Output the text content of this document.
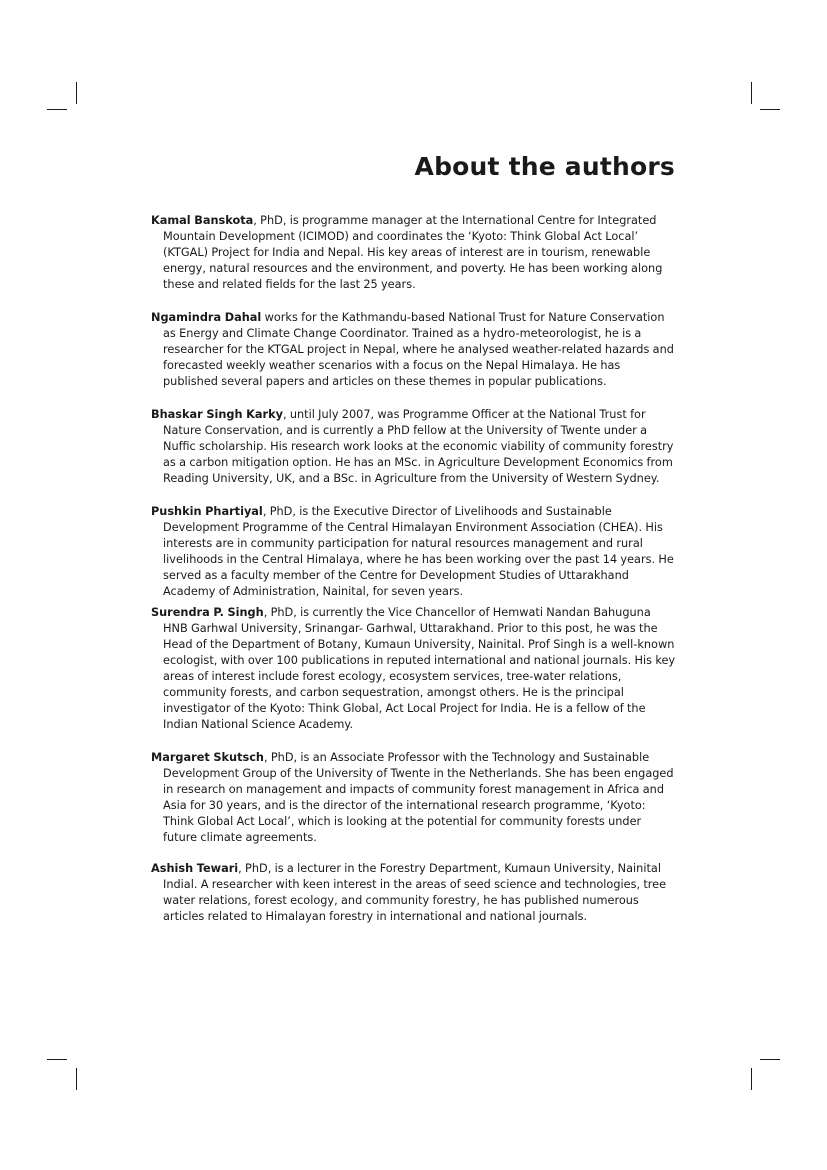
About the authors

Kamal Banskota, PhD, is programme manager at the International Centre for Integrated Mountain Development (ICIMOD) and coordinates the ‘Kyoto: Think Global Act Local’ (KTGAL) Project for India and Nepal. His key areas of interest are in tourism, renewable energy, natural resources and the environment, and poverty. He has been working along these and related fields for the last 25 years.

Ngamindra Dahal works for the Kathmandu-based National Trust for Nature Conservation as Energy and Climate Change Coordinator. Trained as a hydro-meteorologist, he is a researcher for the KTGAL project in Nepal, where he analysed weather-related hazards and forecasted weekly weather scenarios with a focus on the Nepal Himalaya. He has published several papers and articles on these themes in popular publications.

Bhaskar Singh Karky, until July 2007, was Programme Officer at the National Trust for Nature Conservation, and is currently a PhD fellow at the University of Twente under a Nuffic scholarship. His research work looks at the economic viability of community forestry as a carbon mitigation option. He has an MSc. in Agriculture Development Economics from Reading University, UK, and a BSc. in Agriculture from the University of Western Sydney.

Pushkin Phartiyal, PhD, is the Executive Director of Livelihoods and Sustainable Development Programme of the Central Himalayan Environment Association (CHEA). His interests are in community participation for natural resources management and rural livelihoods in the Central Himalaya, where he has been working over the past 14 years. He served as a faculty member of the Centre for Development Studies of Uttarakhand Academy of Administration, Nainital, for seven years.

Surendra P. Singh, PhD, is currently the Vice Chancellor of Hemwati Nandan Bahuguna HNB Garhwal University, Srinangar- Garhwal, Uttarakhand. Prior to this post, he was the Head of the Department of Botany, Kumaun University, Nainital. Prof Singh is a well-known ecologist, with over 100 publications in reputed international and national journals. His key areas of interest include forest ecology, ecosystem services, tree-water relations, community forests, and carbon sequestration, amongst others. He is the principal investigator of the Kyoto: Think Global, Act Local Project for India. He is a fellow of the Indian National Science Academy.

Margaret Skutsch, PhD, is an Associate Professor with the Technology and Sustainable Development Group of the University of Twente in the Netherlands. She has been engaged in research on management and impacts of community forest management in Africa and Asia for 30 years, and is the director of the international research programme, ‘Kyoto: Think Global Act Local’, which is looking at the potential for community forests under future climate agreements.

Ashish Tewari, PhD, is a lecturer in the Forestry Department, Kumaun University, Nainital Indial. A researcher with keen interest in the areas of seed science and technologies, tree water relations, forest ecology, and community forestry, he has published numerous articles related to Himalayan forestry in international and national journals.
